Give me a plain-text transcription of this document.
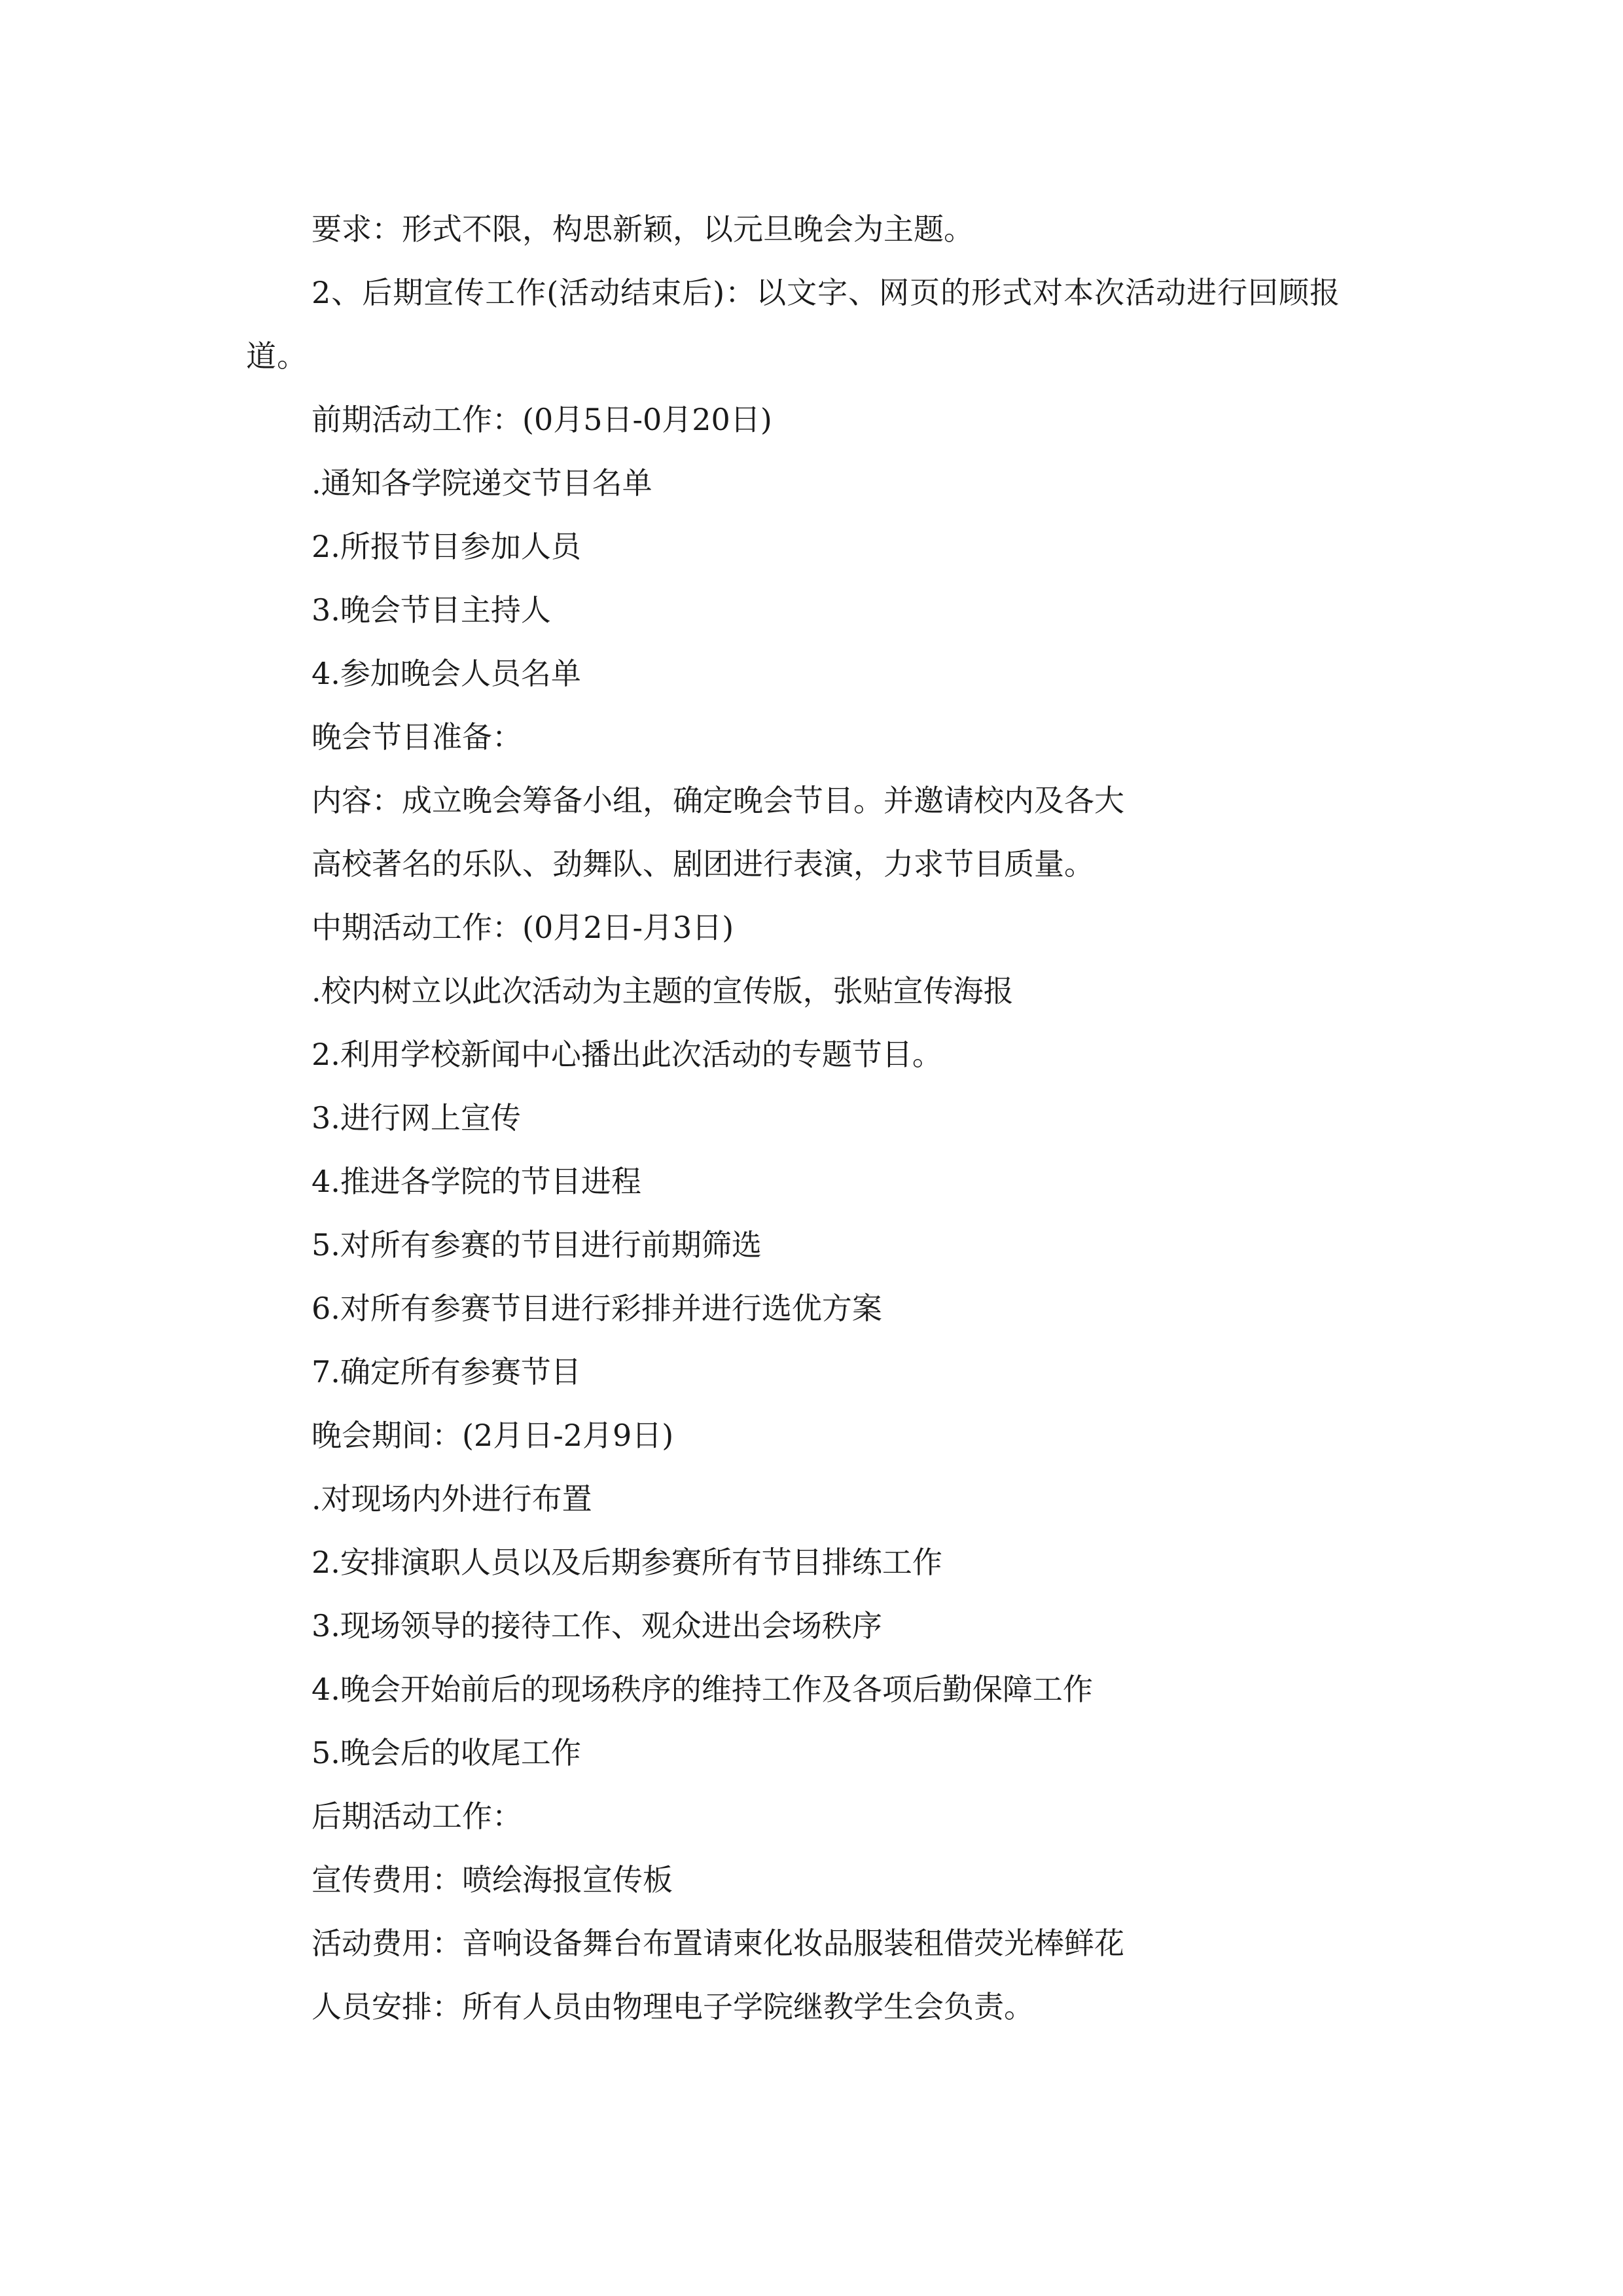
要求：形式不限，构思新颖，以元旦晚会为主题。

2、后期宣传工作(活动结束后)：以文字、网页的形式对本次活动进行回顾报道。

前期活动工作：(0月5日-0月20日)

.通知各学院递交节目名单

2.所报节目参加人员

3.晚会节目主持人

4.参加晚会人员名单

晚会节目准备：

内容：成立晚会筹备小组，确定晚会节目。并邀请校内及各大

高校著名的乐队、劲舞队、剧团进行表演，力求节目质量。

中期活动工作：(0月2日-月3日)

.校内树立以此次活动为主题的宣传版，张贴宣传海报

2.利用学校新闻中心播出此次活动的专题节目。

3.进行网上宣传

4.推进各学院的节目进程

5.对所有参赛的节目进行前期筛选

6.对所有参赛节目进行彩排并进行选优方案

7.确定所有参赛节目

晚会期间：(2月日-2月9日)

.对现场内外进行布置

2.安排演职人员以及后期参赛所有节目排练工作

3.现场领导的接待工作、观众进出会场秩序

4.晚会开始前后的现场秩序的维持工作及各项后勤保障工作

5.晚会后的收尾工作

后期活动工作：

宣传费用：喷绘海报宣传板

活动费用：音响设备舞台布置请柬化妆品服装租借荧光棒鲜花

人员安排：所有人员由物理电子学院继教学生会负责。
